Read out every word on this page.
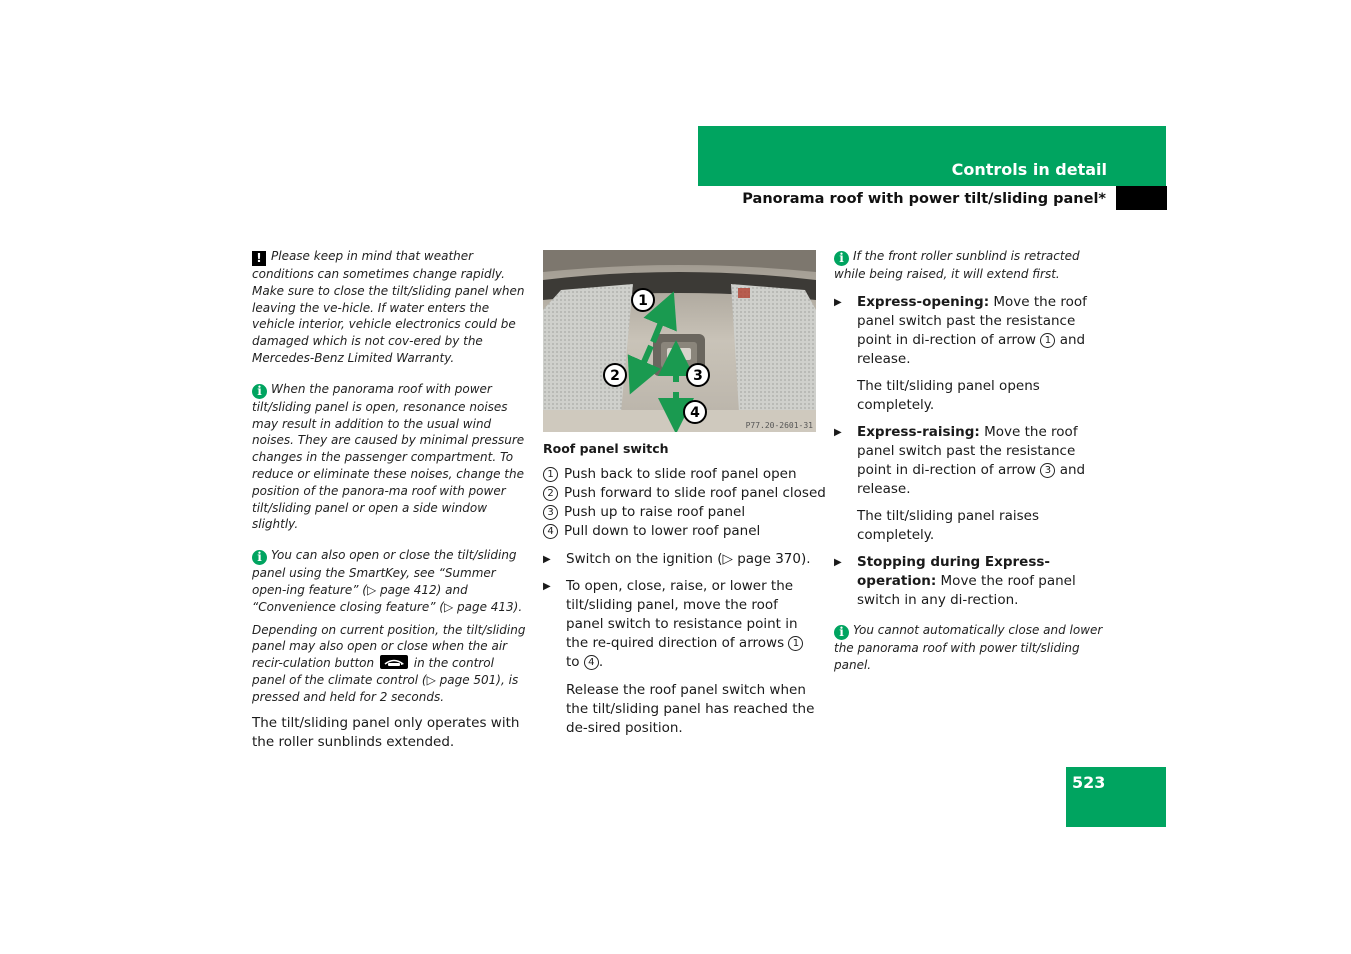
Controls in detail
Panorama roof with power tilt/sliding panel*
! Please keep in mind that weather conditions can sometimes change rapidly. Make sure to close the tilt/sliding panel when leaving the ve-hicle. If water enters the vehicle interior, vehicle electronics could be damaged which is not cov-ered by the Mercedes-Benz Limited Warranty.
i When the panorama roof with power tilt/sliding panel is open, resonance noises may result in addition to the usual wind noises. They are caused by minimal pressure changes in the passenger compartment. To reduce or eliminate these noises, change the position of the panora-ma roof with power tilt/sliding panel or open a side window slightly.
i You can also open or close the tilt/sliding panel using the SmartKey, see “Summer open-ing feature” (▷ page 412) and “Convenience closing feature” (▷ page 413).
Depending on current position, the tilt/sliding panel may also open or close when the air recir-culation button	in the control panel of the climate control (▷ page 501), is pressed and held for 2 seconds.
The tilt/sliding panel only operates with the roller sunblinds extended.
1
2	3
4
P77.20-2601-31
Roof panel switch
1 Push back to slide roof panel open
2 Push forward to slide roof panel closed
3 Push up to raise roof panel
4 Pull down to lower roof panel
▶ Switch on the ignition (▷ page 370).
▶ To open, close, raise, or lower the tilt/sliding panel, move the roof panel switch to resistance point in the re-quired direction of arrows 1 to 4 .
Release the roof panel switch when the tilt/sliding panel has reached the de-sired position.
i If the front roller sunblind is retracted while being raised, it will extend first.
▶ Express-opening: Move the roof panel switch past the resistance point in di-rection of arrow 1 and release.
The tilt/sliding panel opens completely.
▶ Express-raising: Move the roof panel switch past the resistance point in di-rection of arrow 3 and release.
The tilt/sliding panel raises completely.
▶ Stopping during Express-operation: Move the roof panel switch in any di-rection.
i You cannot automatically close and lower the panorama roof with power tilt/sliding panel.
523
